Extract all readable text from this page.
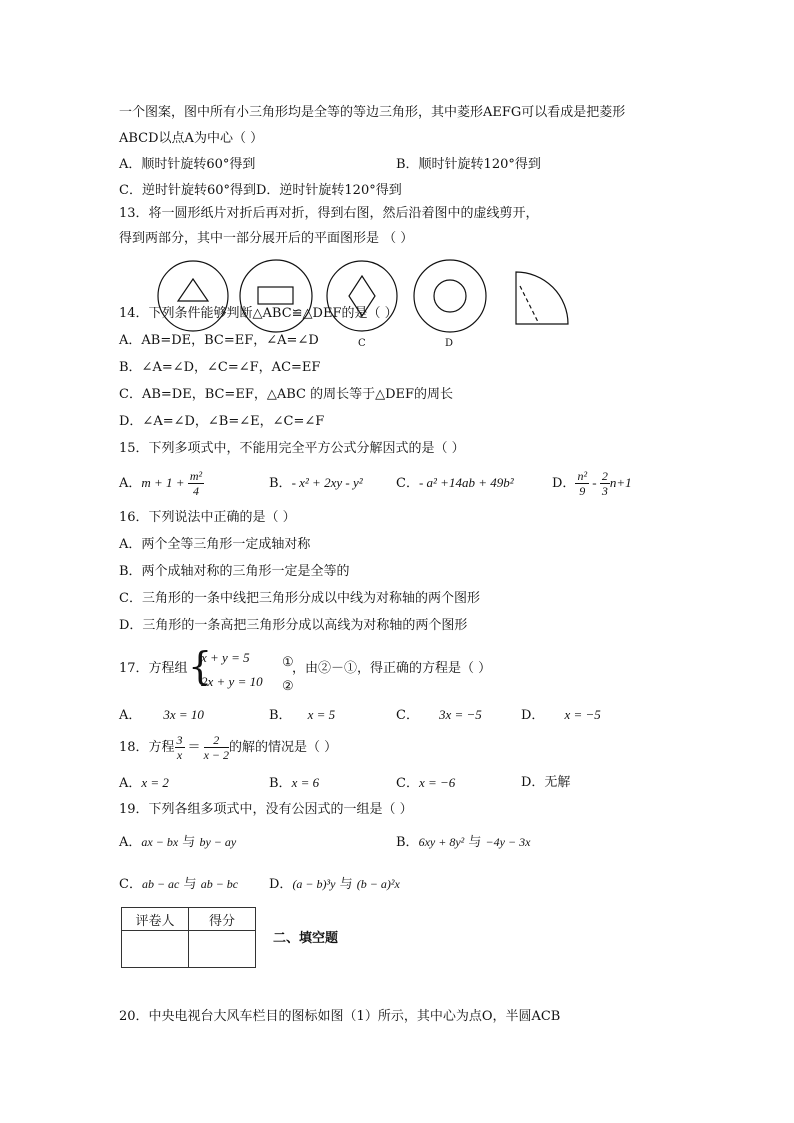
一个图案，图中所有小三角形均是全等的等边三角形，其中菱形AEFG可以看成是把菱形
ABCD以点A为中心（ ）
A．顺时针旋转60°得到	B．顺时针旋转120°得到
C．逆时针旋转60°得到D．逆时针旋转120°得到
13．将一圆形纸片对折后再对折，得到右图，然后沿着图中的虚线剪开，
得到两部分，其中一部分展开后的平面图形是 （ ）
C	D
14．下列条件能够判断△ABC≌△DEF的是（ ）
A．AB=DE，BC=EF，∠A=∠D
B．∠A=∠D，∠C=∠F，AC=EF
C．AB=DE，BC=EF，△ABC 的周长等于△DEF的周长
D．∠A=∠D，∠B=∠E，∠C=∠F
15．下列多项式中，不能用完全平方公式分解因式的是（ ）
A．$m + 1 + \frac{\text{m²}}{4}$	B．- x² + 2xy - y²	C．- a² +14ab + 49b²	D． $\frac{\text{n²}}{9} - \frac{2}{3} n+1$
16．下列说法中正确的是（ ）
A．两个全等三角形一定成轴对称
B．两个成轴对称的三角形一定是全等的
C．三角形的一条中线把三角形分成以中线为对称轴的两个图形
D．三角形的一条高把三角形分成以高线为对称轴的两个图形
17．方程组 {
x + y = 5
2x + y = 10
①
②
，由②－①，得正确的方程是（ ）
A． 3x = 10	B． x = 5	C． 3x = −5	D． x = −5
18．方程 $\frac{3}{x} = \frac{2}{x - 2}$ 的解的情况是（ ）
A．x = 2	B．x = 6	C．x = −6	D．无解
19．下列各组多项式中，没有公因式的一组是（ ）
A．ax − bx 与 by − ay	B．6xy + 8y² 与 −4y − 3x
C．ab − ac 与 ab − bc D．(a − b)³y 与 (b − a)²x
评卷人	得分

二、填空题
20．中央电视台大风车栏目的图标如图（1）所示，其中心为点O，半圆ACB
